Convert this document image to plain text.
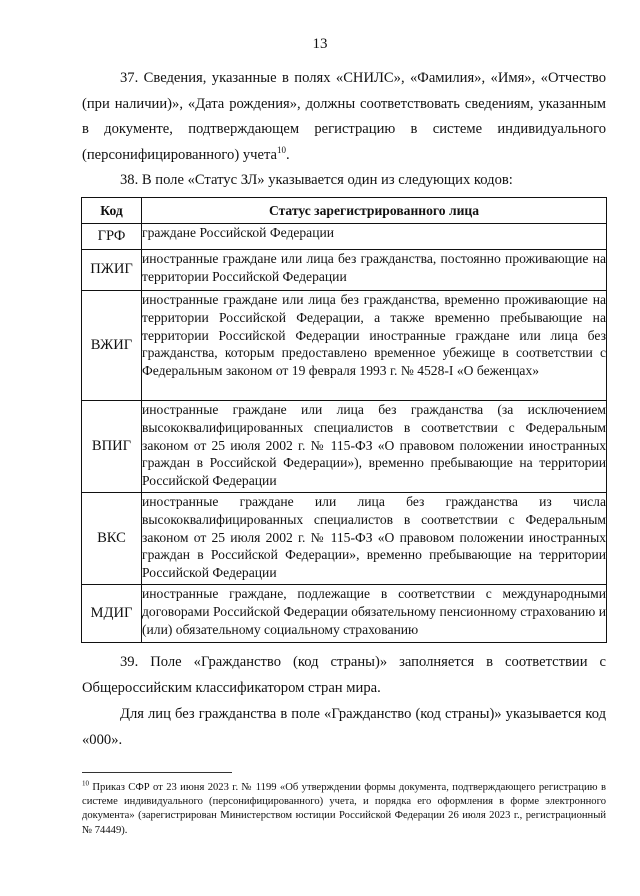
13

37. Сведения, указанные в полях «СНИЛС», «Фамилия», «Имя», «Отчество (при наличии)», «Дата рождения», должны соответствовать сведениям, указанным в документе, подтверждающем регистрацию в системе индивидуального (персонифицированного) учета$^{10}$.

38. В поле «Статус ЗЛ» указывается один из следующих кодов:

Код	Статус зарегистрированного лица
ГРФ	граждане Российской Федерации
ПЖИГ	иностранные граждане или лица без гражданства, постоянно проживающие на территории Российской Федерации
ВЖИГ	иностранные граждане или лица без гражданства, временно проживающие на территории Российской Федерации, а также временно пребывающие на территории Российской Федерации иностранные граждане или лица без гражданства, которым предоставлено временное убежище в соответствии с Федеральным законом от 19 февраля 1993 г. № 4528-I «О беженцах»
ВПИГ	иностранные граждане или лица без гражданства (за исключением высококвалифицированных специалистов в соответствии с Федеральным законом от 25 июля 2002 г. № 115-ФЗ «О правовом положении иностранных граждан в Российской Федерации»), временно пребывающие на территории Российской Федерации
ВКС	иностранные граждане или лица без гражданства из числа высококвалифицированных специалистов в соответствии с Федеральным законом от 25 июля 2002 г. № 115-ФЗ «О правовом положении иностранных граждан в Российской Федерации», временно пребывающие на территории Российской Федерации
МДИГ	иностранные граждане, подлежащие в соответствии с международными договорами Российской Федерации обязательному пенсионному страхованию и (или) обязательному социальному страхованию

39. Поле «Гражданство (код страны)» заполняется в соответствии с Общероссийским классификатором стран мира.

Для лиц без гражданства в поле «Гражданство (код страны)» указывается код «000».

$^{10}$ Приказ СФР от 23 июня 2023 г. № 1199 «Об утверждении формы документа, подтверждающего регистрацию в системе индивидуального (персонифицированного) учета, и порядка его оформления в форме электронного документа» (зарегистрирован Министерством юстиции Российской Федерации 26 июля 2023 г., регистрационный № 74449).
